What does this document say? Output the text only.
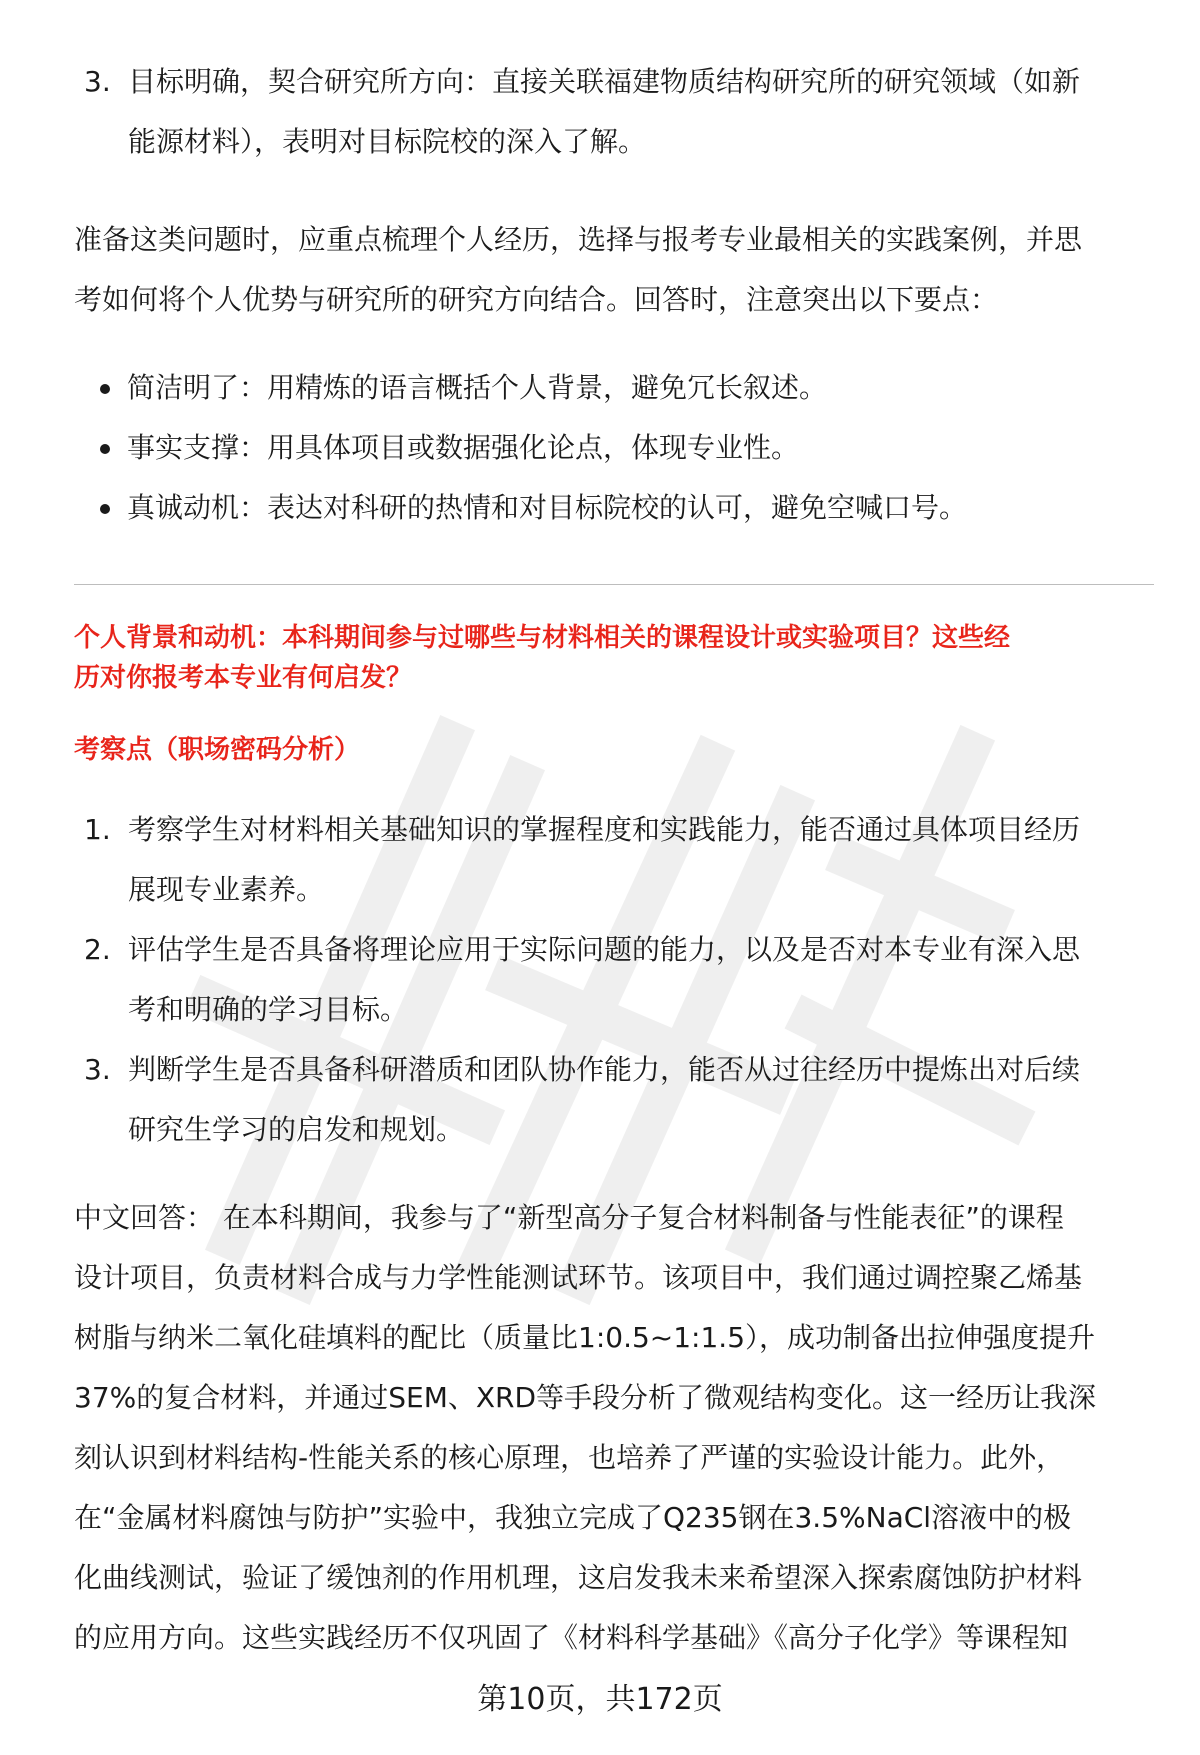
3. 目标明确，契合研究所方向：直接关联福建物质结构研究所的研究领域（如新
能源材料），表明对目标院校的深入了解。
准备这类问题时，应重点梳理个人经历，选择与报考专业最相关的实践案例，并思
考如何将个人优势与研究所的研究方向结合。回答时，注意突出以下要点：
简洁明了：用精炼的语言概括个人背景，避免冗长叙述。
事实支撑：用具体项目或数据强化论点，体现专业性。
真诚动机：表达对科研的热情和对目标院校的认可，避免空喊口号。
个人背景和动机：本科期间参与过哪些与材料相关的课程设计或实验项目？这些经
历对你报考本专业有何启发？
考察点（职场密码分析）
1. 考察学生对材料相关基础知识的掌握程度和实践能力，能否通过具体项目经历
展现专业素养。
2. 评估学生是否具备将理论应用于实际问题的能力，以及是否对本专业有深入思
考和明确的学习目标。
3. 判断学生是否具备科研潜质和团队协作能力，能否从过往经历中提炼出对后续
研究生学习的启发和规划。
中文回答： 在本科期间，我参与了“新型高分子复合材料制备与性能表征”的课程
设计项目，负责材料合成与力学性能测试环节。该项目中，我们通过调控聚乙烯基
树脂与纳米二氧化硅填料的配比（质量比1:0.5~1:1.5），成功制备出拉伸强度提升
37%的复合材料，并通过SEM、XRD等手段分析了微观结构变化。这一经历让我深
刻认识到材料结构-性能关系的核心原理，也培养了严谨的实验设计能力。此外，
在“金属材料腐蚀与防护”实验中，我独立完成了Q235钢在3.5%NaCl溶液中的极
化曲线测试，验证了缓蚀剂的作用机理，这启发我未来希望深入探索腐蚀防护材料
的应用方向。这些实践经历不仅巩固了《材料科学基础》《高分子化学》等课程知
第10页，共172页
